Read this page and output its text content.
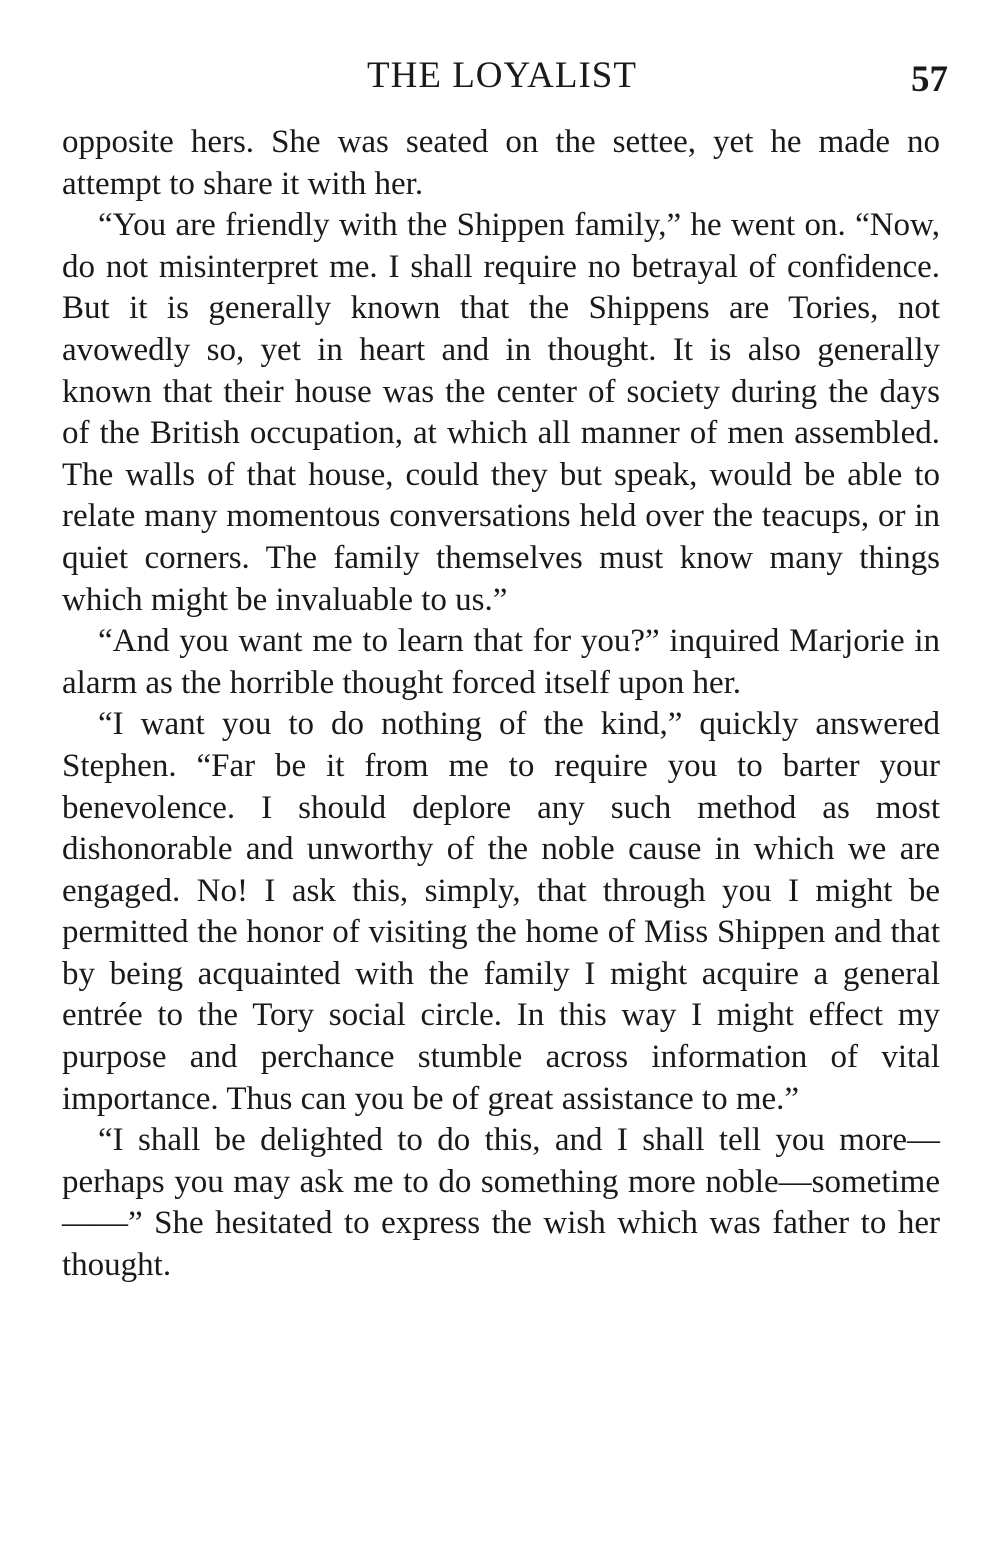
THE LOYALIST	57

opposite hers. She was seated on the settee, yet he made no attempt to share it with her.

“You are friendly with the Shippen family,” he went on. “Now, do not misinterpret me. I shall require no betrayal of confidence. But it is generally known that the Shippens are Tories, not avowedly so, yet in heart and in thought. It is also generally known that their house was the center of society during the days of the British occupation, at which all manner of men assembled. The walls of that house, could they but speak, would be able to relate many momentous conversations held over the teacups, or in quiet corners. The family themselves must know many things which might be invaluable to us.”

“And you want me to learn that for you?” inquired Marjorie in alarm as the horrible thought forced itself upon her.

“I want you to do nothing of the kind,” quickly answered Stephen. “Far be it from me to require you to barter your benevolence. I should deplore any such method as most dishonorable and unworthy of the noble cause in which we are engaged. No! I ask this, simply, that through you I might be permitted the honor of visiting the home of Miss Shippen and that by being acquainted with the family I might acquire a general entrée to the Tory social circle. In this way I might effect my purpose and perchance stumble across information of vital importance. Thus can you be of great assistance to me.”

“I shall be delighted to do this, and I shall tell you more—perhaps you may ask me to do something more noble—sometime——” She hesitated to express the wish which was father to her thought.
